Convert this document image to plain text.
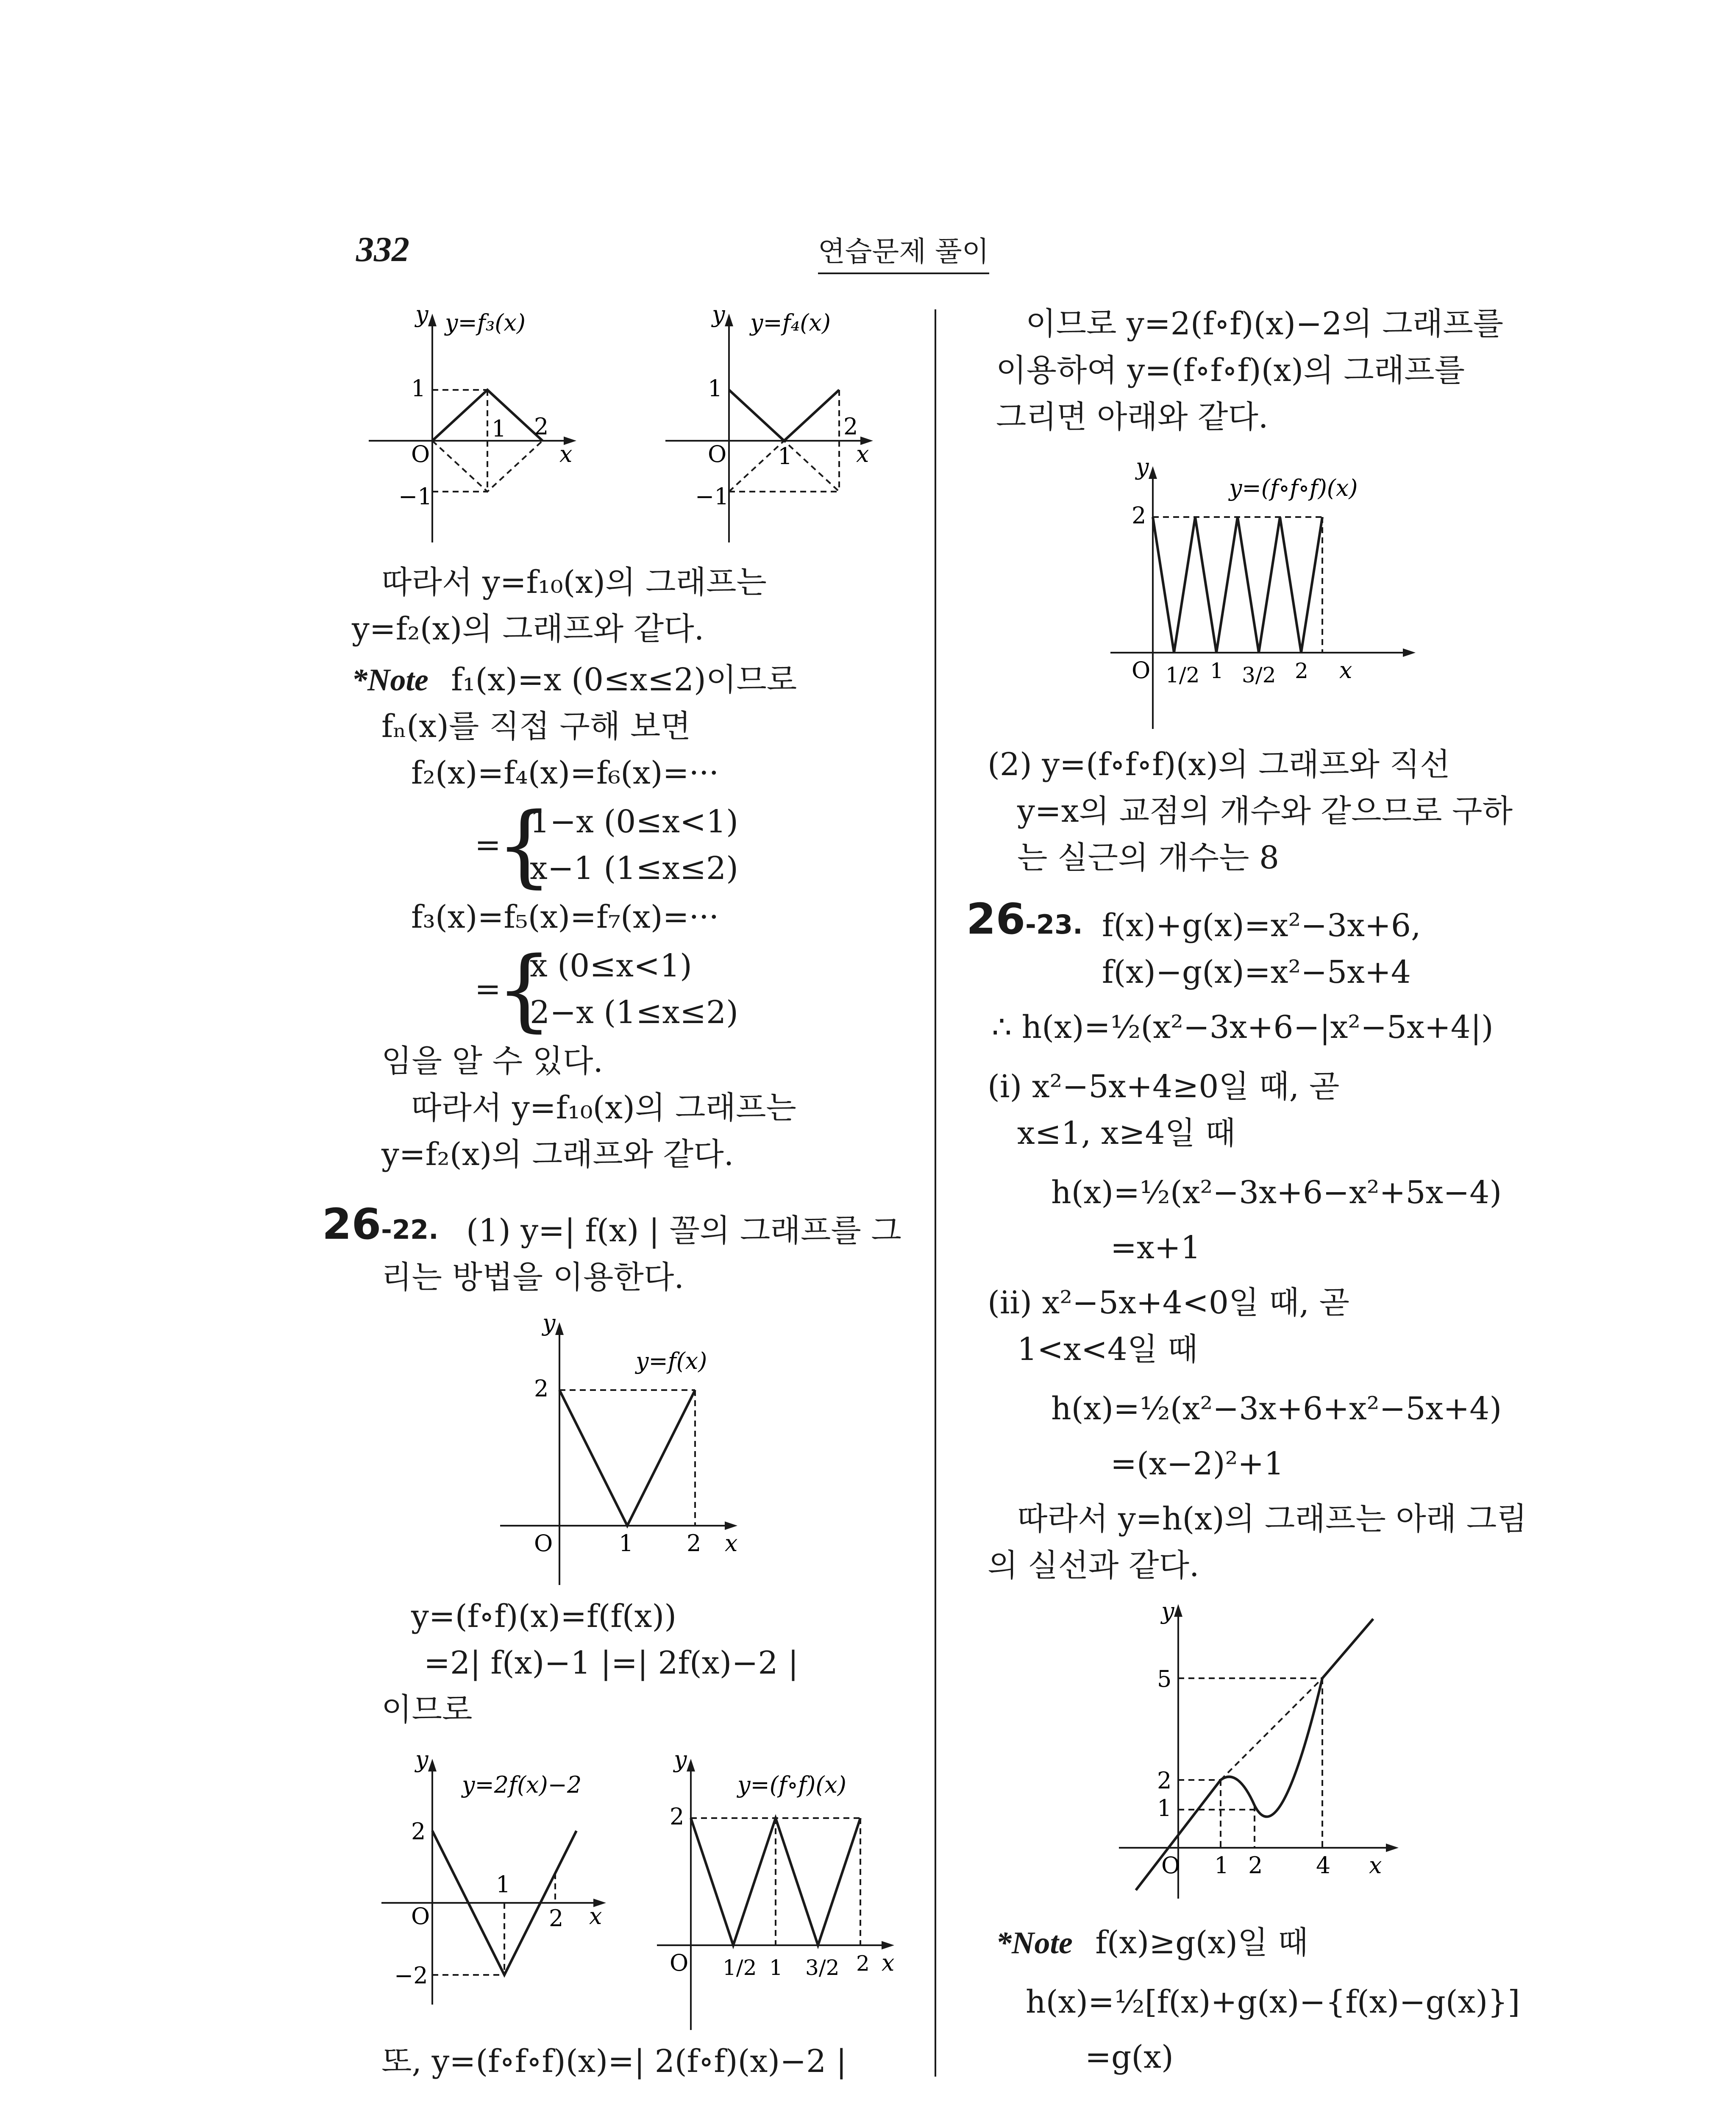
332	연습문제 풀이
y y=f₃(x)
1
O
−1
1 2
x
y y=f₄(x)
1
O
−1
1
2
x
따라서 y=f₁₀(x)의 그래프는
y=f₂(x)의 그래프와 같다.
*Note f₁(x)=x (0≤x≤2)이므로
fₙ(x)를 직접 구해 보면
f₂(x)=f₄(x)=f₆(x)=···
{
=
1−x (0≤x<1)
x−1 (1≤x≤2)
f₃(x)=f₅(x)=f₇(x)=···
{
=
x (0≤x<1)
2−x (1≤x≤2)
임을 알 수 있다.
따라서 y=f₁₀(x)의 그래프는
y=f₂(x)의 그래프와 같다.
26-22. (1) y=| f(x) | 꼴의 그래프를 그
리는 방법을 이용한다.
y
y=f(x)
2
O	1 2 x
y=(f∘f)(x)=f(f(x))
=2| f(x)−1 |=| 2f(x)−2 |
이므로
y
y=2f(x)−2
2
O
−2
1
2 x
y
y=(f∘f)(x)
2
O 1/2 1 3/2 2 x
또, y=(f∘f∘f)(x)=| 2(f∘f)(x)−2 |
이므로 y=2(f∘f)(x)−2의 그래프를
이용하여 y=(f∘f∘f)(x)의 그래프를
그리면 아래와 같다.
y
y=(f∘f∘f)(x)
2
O 1/2 1 3/2 2 x
(2) y=(f∘f∘f)(x)의 그래프와 직선
y=x의 교점의 개수와 같으므로 구하
는 실근의 개수는 8
26-23. f(x)+g(x)=x²−3x+6,
f(x)−g(x)=x²−5x+4
∴ h(x)=½(x²−3x+6−|x²−5x+4|)
(i) x²−5x+4≥0일 때, 곧
x≤1, x≥4일 때
h(x)=½(x²−3x+6−x²+5x−4)
=x+1
(ii) x²−5x+4<0일 때, 곧
1<x<4일 때
h(x)=½(x²−3x+6+x²−5x+4)
=(x−2)²+1
따라서 y=h(x)의 그래프는 아래 그림
의 실선과 같다.
y
5
2
1
O 1 2 4 x
*Note f(x)≥g(x)일 때
h(x)=½[f(x)+g(x)−{f(x)−g(x)}]
=g(x)
